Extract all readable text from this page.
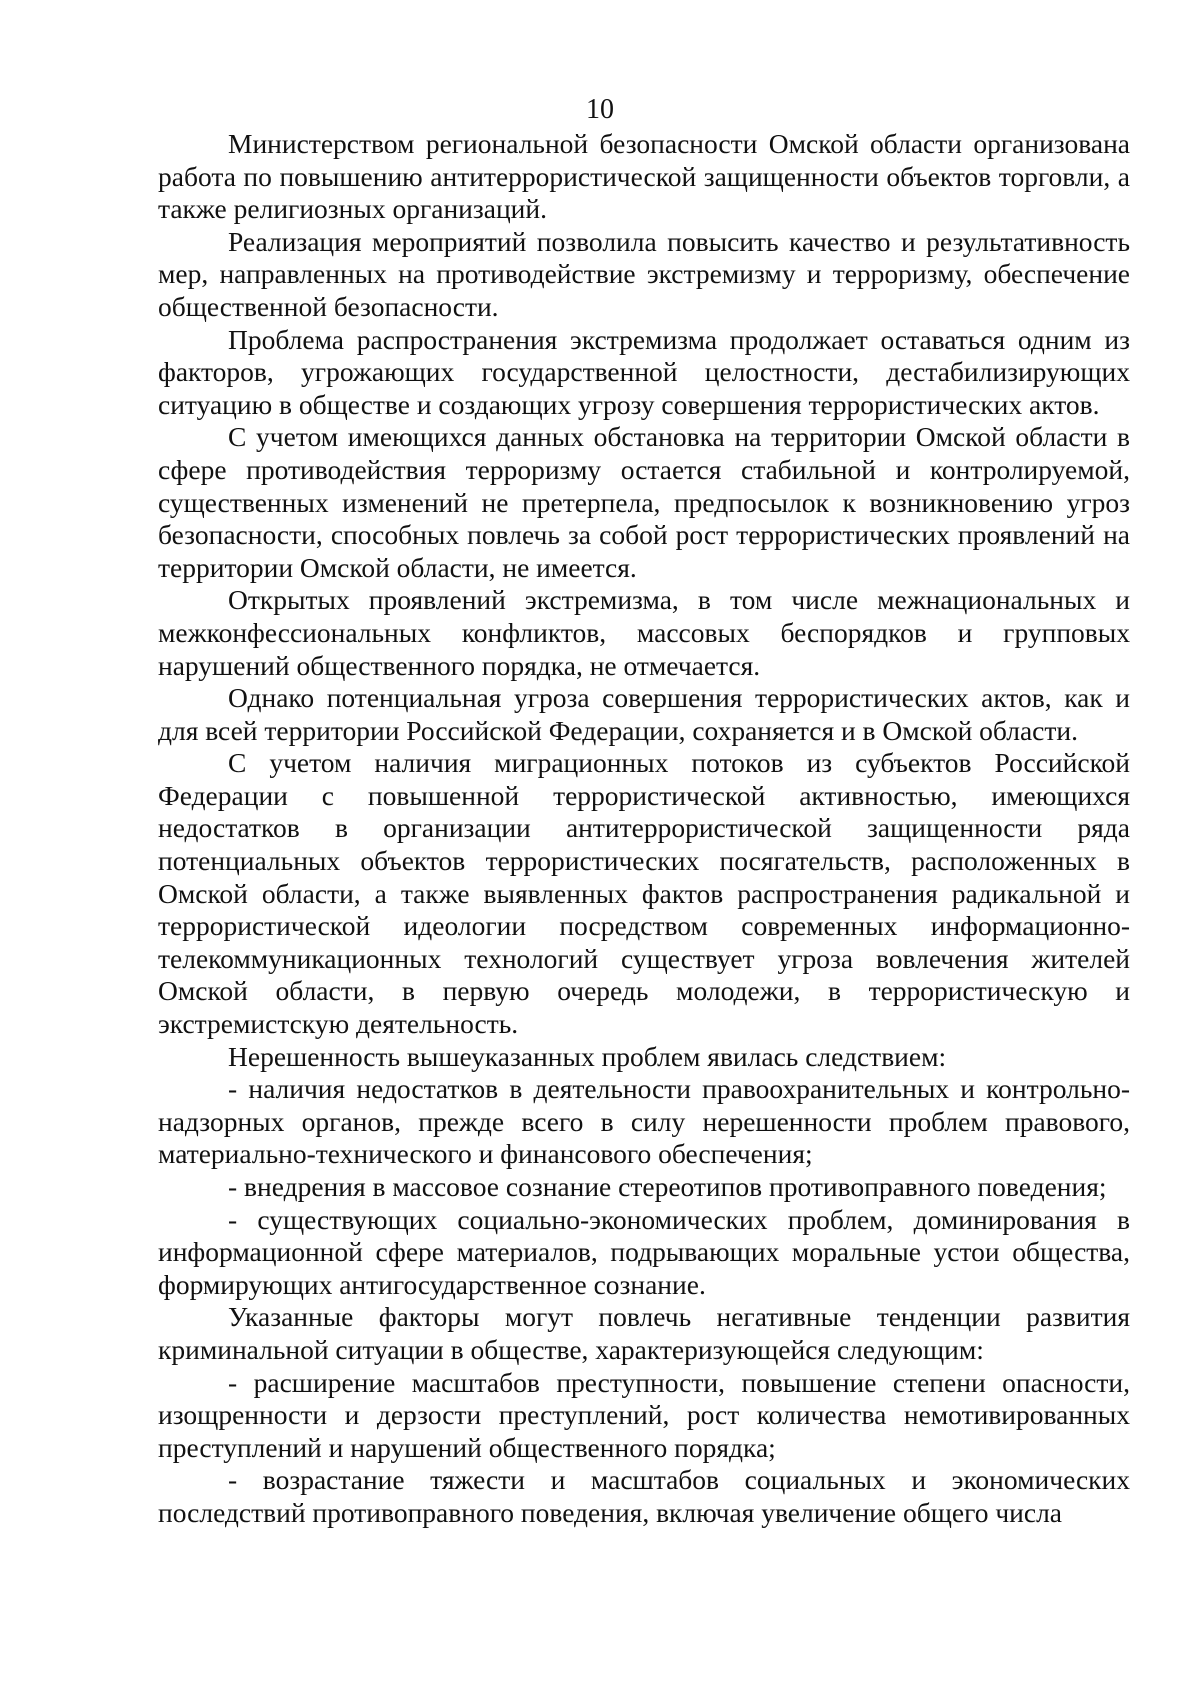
10

Министерством региональной безопасности Омской области организована работа по повышению антитеррористической защищенности объектов торговли, а также религиозных организаций.

Реализация мероприятий позволила повысить качество и результативность мер, направленных на противодействие экстремизму и терроризму, обеспечение общественной безопасности.

Проблема распространения экстремизма продолжает оставаться одним из факторов, угрожающих государственной целостности, дестабилизирующих ситуацию в обществе и создающих угрозу совершения террористических актов.

С учетом имеющихся данных обстановка на территории Омской области в сфере противодействия терроризму остается стабильной и контролируемой, существенных изменений не претерпела, предпосылок к возникновению угроз безопасности, способных повлечь за собой рост террористических проявлений на территории Омской области, не имеется.

Открытых проявлений экстремизма, в том числе межнациональных и межконфессиональных конфликтов, массовых беспорядков и групповых нарушений общественного порядка, не отмечается.

Однако потенциальная угроза совершения террористических актов, как и для всей территории Российской Федерации, сохраняется и в Омской области.

С учетом наличия миграционных потоков из субъектов Российской Федерации с повышенной террористической активностью, имеющихся недостатков в организации антитеррористической защищенности ряда потенциальных объектов террористических посягательств, расположенных в Омской области, а также выявленных фактов распространения радикальной и террористической идеологии посредством современных информационно-телекоммуникационных технологий существует угроза вовлечения жителей Омской области, в первую очередь молодежи, в террористическую и экстремистскую деятельность.

Нерешенность вышеуказанных проблем явилась следствием:

- наличия недостатков в деятельности правоохранительных и контрольно-надзорных органов, прежде всего в силу нерешенности проблем правового, материально-технического и финансового обеспечения;

- внедрения в массовое сознание стереотипов противоправного поведения;

- существующих социально-экономических проблем, доминирования в информационной сфере материалов, подрывающих моральные устои общества, формирующих антигосударственное сознание.

Указанные факторы могут повлечь негативные тенденции развития криминальной ситуации в обществе, характеризующейся следующим:

- расширение масштабов преступности, повышение степени опасности, изощренности и дерзости преступлений, рост количества немотивированных преступлений и нарушений общественного порядка;

- возрастание тяжести и масштабов социальных и экономических последствий противоправного поведения, включая увеличение общего числа
